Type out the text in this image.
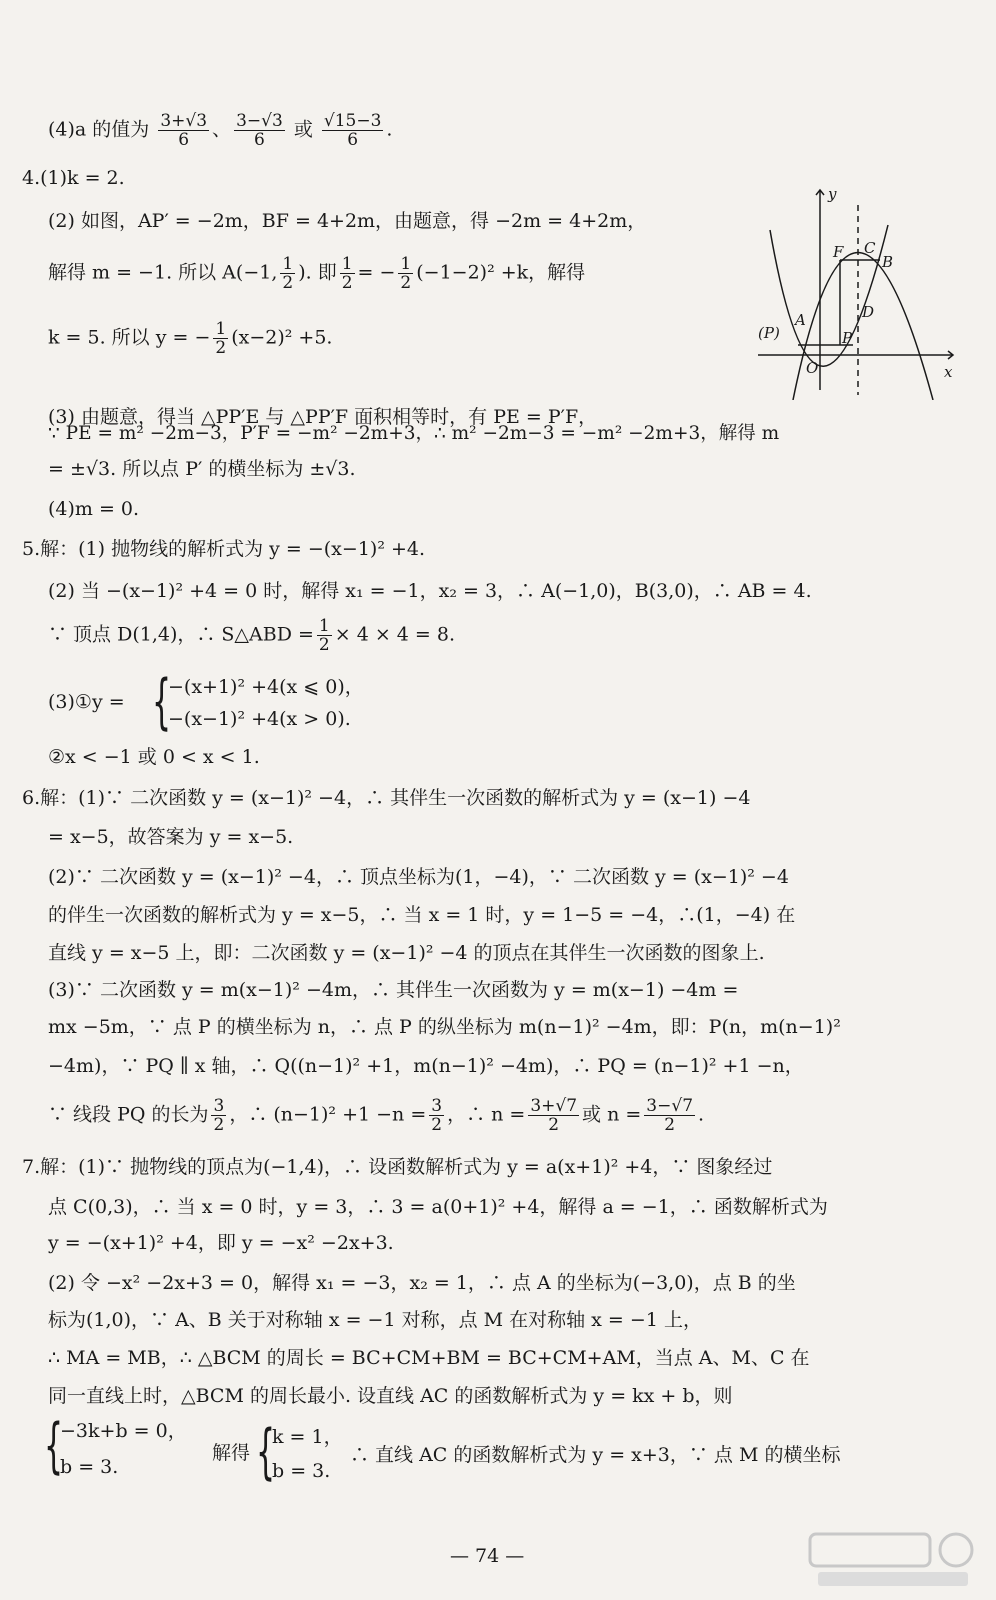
(4)a 的值为 $\frac{3+√3}{6}$ 、 $\frac{3-√3}{6}$ 或 $\frac{√15-3}{6}$ .
4.(1)k = 2.
(2) 如图，AP′ = −2m，BF = 4+2m，由题意，得 −2m = 4+2m，
解得 m = −1. 所以 A(−1, $\frac{1}{2}$ ). 即 $\frac{1}{2}$ = − $\frac{1}{2} (-1-2)^2 +k$，解得
k = 5. 所以 y = − $\frac{1}{2} (x-2)^2 +5$.
y
x
O
A
B
C
D
F
P
(P)
(3) 由题意，得当 △PP′E 与 △PP′F 面积相等时，有 PE = P′F，
∵ PE = m² −2m−3，P′F = −m² −2m+3，∴ m² −2m−3 = −m² −2m+3，解得 m
= ±√3. 所以点 P′ 的横坐标为 ±√3.
(4)m = 0.
5.解：(1) 抛物线的解析式为 y = −(x−1)² +4.
(2) 当 −(x−1)² +4 = 0 时，解得 x₁ = −1，x₂ = 3，∴ A(−1,0)，B(3,0)，∴ AB = 4.
∵ 顶点 D(1,4)，∴ S△ABD = $\frac{1}{2} \times 4 \times 4 = 8$.
(3)①y = {
−(x+1)² +4(x ⩽ 0)，
−(x−1)² +4(x > 0).
②x < −1 或 0 < x < 1.
6.解：(1)∵ 二次函数 y = (x−1)² −4，∴ 其伴生一次函数的解析式为 y = (x−1) −4
= x−5，故答案为 y = x−5.
(2)∵ 二次函数 y = (x−1)² −4，∴ 顶点坐标为(1，−4)，∵ 二次函数 y = (x−1)² −4
的伴生一次函数的解析式为 y = x−5，∴ 当 x = 1 时，y = 1−5 = −4，∴(1，−4) 在
直线 y = x−5 上，即：二次函数 y = (x−1)² −4 的顶点在其伴生一次函数的图象上.
(3)∵ 二次函数 y = m(x−1)² −4m，∴ 其伴生一次函数为 y = m(x−1) −4m =
mx −5m，∵ 点 P 的横坐标为 n，∴ 点 P 的纵坐标为 m(n−1)² −4m，即：P(n，m(n−1)²
−4m)，∵ PQ ∥ x 轴，∴ Q((n−1)² +1，m(n−1)² −4m)，∴ PQ = (n−1)² +1 −n，
∵ 线段 PQ 的长为 $\frac{3}{2}$ ，∴ $(n-1)^2 +1 -n = \frac{3}{2}$ ，∴ $n = \frac{3+√7}{2}$ 或 $n = \frac{3-√7}{2}$ .
7.解：(1)∵ 抛物线的顶点为(−1,4)，∴ 设函数解析式为 y = a(x+1)² +4，∵ 图象经过
点 C(0,3)，∴ 当 x = 0 时，y = 3，∴ 3 = a(0+1)² +4，解得 a = −1，∴ 函数解析式为
y = −(x+1)² +4，即 y = −x² −2x+3.
(2) 令 −x² −2x+3 = 0，解得 x₁ = −3，x₂ = 1，∴ 点 A 的坐标为(−3,0)，点 B 的坐
标为(1,0)，∵ A、B 关于对称轴 x = −1 对称，点 M 在对称轴 x = −1 上，
∴ MA = MB，∴ △BCM 的周长 = BC+CM+BM = BC+CM+AM，当点 A、M、C 在
同一直线上时，△BCM 的周长最小. 设直线 AC 的函数解析式为 y = kx + b，则
{
−3k+b = 0，
b = 3.
解得 {
k = 1，
b = 3.
∴ 直线 AC 的函数解析式为 y = x+3，∵ 点 M 的横坐标
— 74 —
